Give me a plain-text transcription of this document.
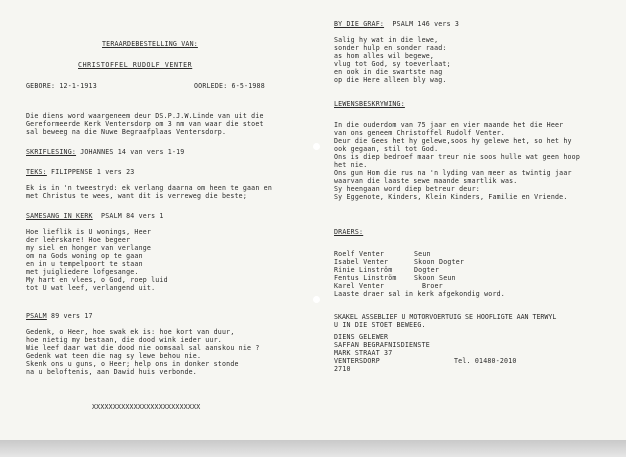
TERAARDEBESTELLING VAN:
CHRISTOFFEL RUDOLF VENTER
GEBORE: 12-1-1913	OORLEDE: 6-5-1988
Die diens word waargeneem deur DS.P.J.W.Linde van uit die
Gereformeerde Kerk Ventersdorp om 3 nm van waar die stoet
sal beweeg na die Nuwe Begraafplaas Ventersdorp.
SKRIFLESING: JOHANNES 14 van vers 1-19
TEKS: FILIPPENSE 1 vers 23
Ek is in 'n tweestryd: ek verlang daarna om heen te gaan en
met Christus te wees, want dit is verreweg die beste;
SAMESANG IN KERK  PSALM 84 vers 1
Hoe lieflik is U wonings, Heer
der leërskare! Hoe begeer
my siel en honger van verlange
om na Gods woning op te gaan
en in u tempelpoort te staan
met juigliedere lofgesange.
My hart en vlees, o God, roep luid
tot U wat leef, verlangend uit.
PSALM 89 vers 17
Gedenk, o Heer, hoe swak ek is: hoe kort van duur,
hoe nietig my bestaan, die dood wink ieder uur.
Wie leef daar wat die dood nie oomsaal sal aanskou nie ?
Gedenk wat teen die nag sy lewe behou nie.
Skenk ons u guns, o Heer; help ons in donker stonde
na u beloftenis, aan Dawid huis verbonde.
XXXXXXXXXXXXXXXXXXXXXXXXXX
BY DIE GRAF:  PSALM 146 vers 3
Salig hy wat in die lewe,
sonder hulp en sonder raad:
as hom alles wil begewe,
vlug tot God, sy toeverlaat;
en ook in die swartste nag
op die Here alleen bly wag.
LEWENSBESKRYWING:
In die ouderdom van 75 jaar en vier maande het die Heer
van ons geneem Christoffel Rudolf Venter.
Deur die Gees het hy gelewe,soos hy gelewe het, so het hy
ook gegaan, stil tot God.
Ons is diep bedroef maar treur nie soos hulle wat geen hoop
het nie.
Ons gun Hom die rus na 'n lyding van meer as twintig jaar
waarvan die laaste sewe maande smartlik was.
Sy heengaan word diep betreur deur:
Sy Eggenote, Kinders, Klein Kinders, Familie en Vriende.
DRAERS:
Roelf Venter	Seun
Isabel Venter	Skoon Dogter
Rinie Linström	Dogter
Fentus Linström	Skoon Seun
Karel Venter	Broer
Laaste draer sal in kerk afgekondig word.
SKAKEL ASSEBLIEF U MOTORVOERTUIG SE HOOFLIGTE AAN TERWYL
U IN DIE STOET BEWEEG.
DIENS GELEWER
SAFFAN BEGRAFNISDIENSTE
MARK STRAAT 37
VENTERSDORP	Tel. 01480-2010
2710
